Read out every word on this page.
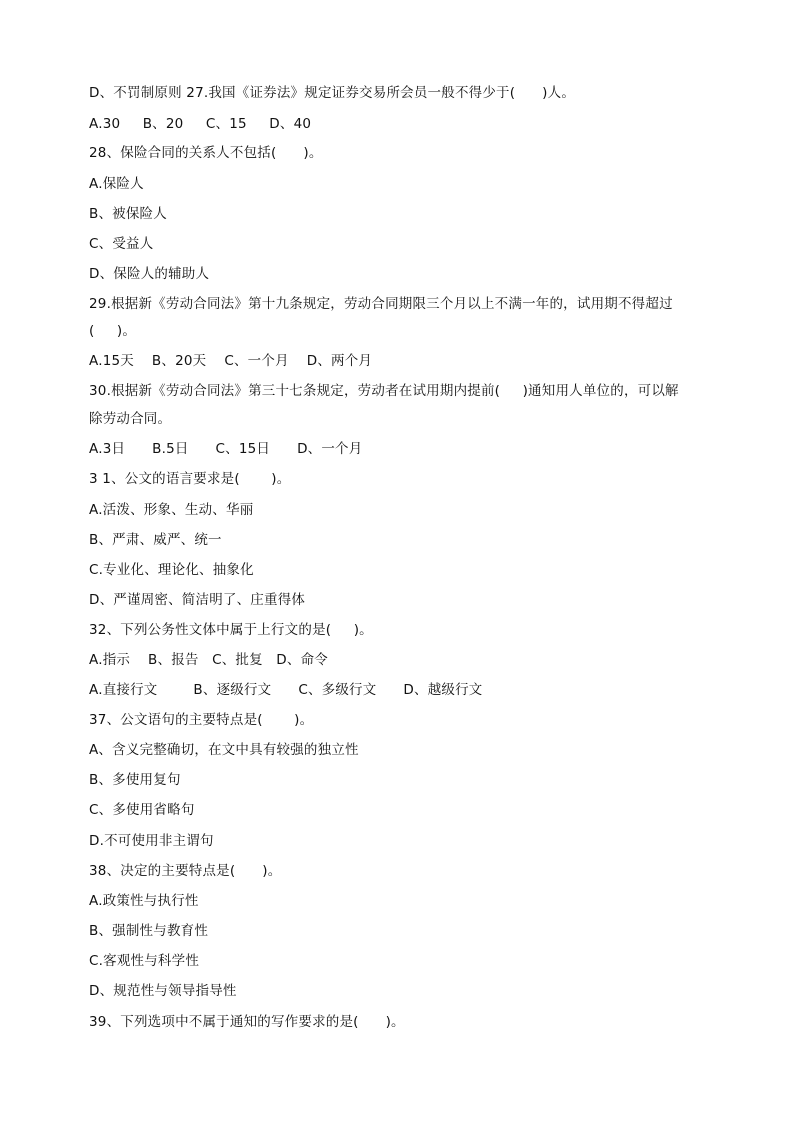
D、不罚制原则 27.我国《证券法》规定证券交易所会员一般不得少于(      )人。
A.30     B、20     C、15     D、40
28、保险合同的关系人不包括(      )。
A.保险人
B、被保险人
C、受益人
D、保险人的辅助人
29.根据新《劳动合同法》第十九条规定，劳动合同期限三个月以上不满一年的，试用期不得超过
(     )。
A.15天    B、20天    C、一个月    D、两个月
30.根据新《劳动合同法》第三十七条规定，劳动者在试用期内提前(     )通知用人单位的，可以解
除劳动合同。
A.3日      B.5日      C、15日      D、一个月
3 1、公文的语言要求是(       )。
A.活泼、形象、生动、华丽
B、严肃、威严、统一
C.专业化、理论化、抽象化
D、严谨周密、简洁明了、庄重得体
32、下列公务性文体中属于上行文的是(     )。
A.指示    B、报告   C、批复   D、命令
A.直接行文        B、逐级行文      C、多级行文      D、越级行文
37、公文语句的主要特点是(       )。
A、含义完整确切，在文中具有较强的独立性
B、多使用复句
C、多使用省略句
D.不可使用非主谓句
38、决定的主要特点是(      )。
A.政策性与执行性
B、强制性与教育性
C.客观性与科学性
D、规范性与领导指导性
39、下列选项中不属于通知的写作要求的是(      )。
